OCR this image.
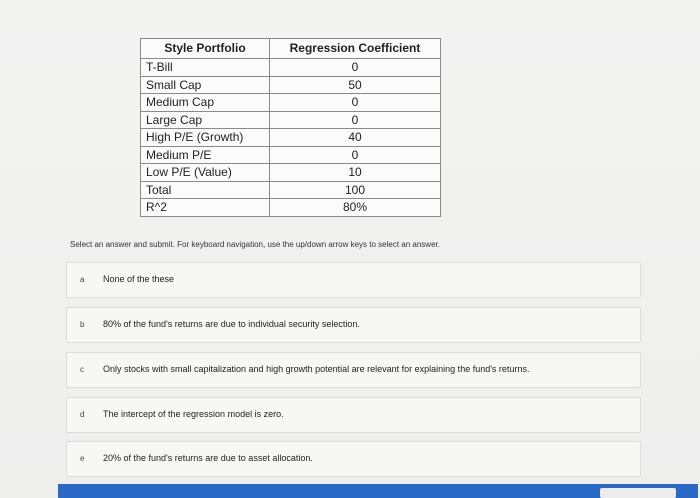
Style Portfolio	Regression Coefficient
T-Bill	0
Small Cap	50
Medium Cap	0
Large Cap	0
High P/E (Growth)	40
Medium P/E	0
Low P/E (Value)	10
Total	100
R^2	80%
Select an answer and submit. For keyboard navigation, use the up/down arrow keys to select an answer.
a None of the these
b 80% of the fund's returns are due to individual security selection.
c Only stocks with small capitalization and high growth potential are relevant for explaining the fund's returns.
d The intercept of the regression model is zero.
e 20% of the fund's returns are due to asset allocation.
